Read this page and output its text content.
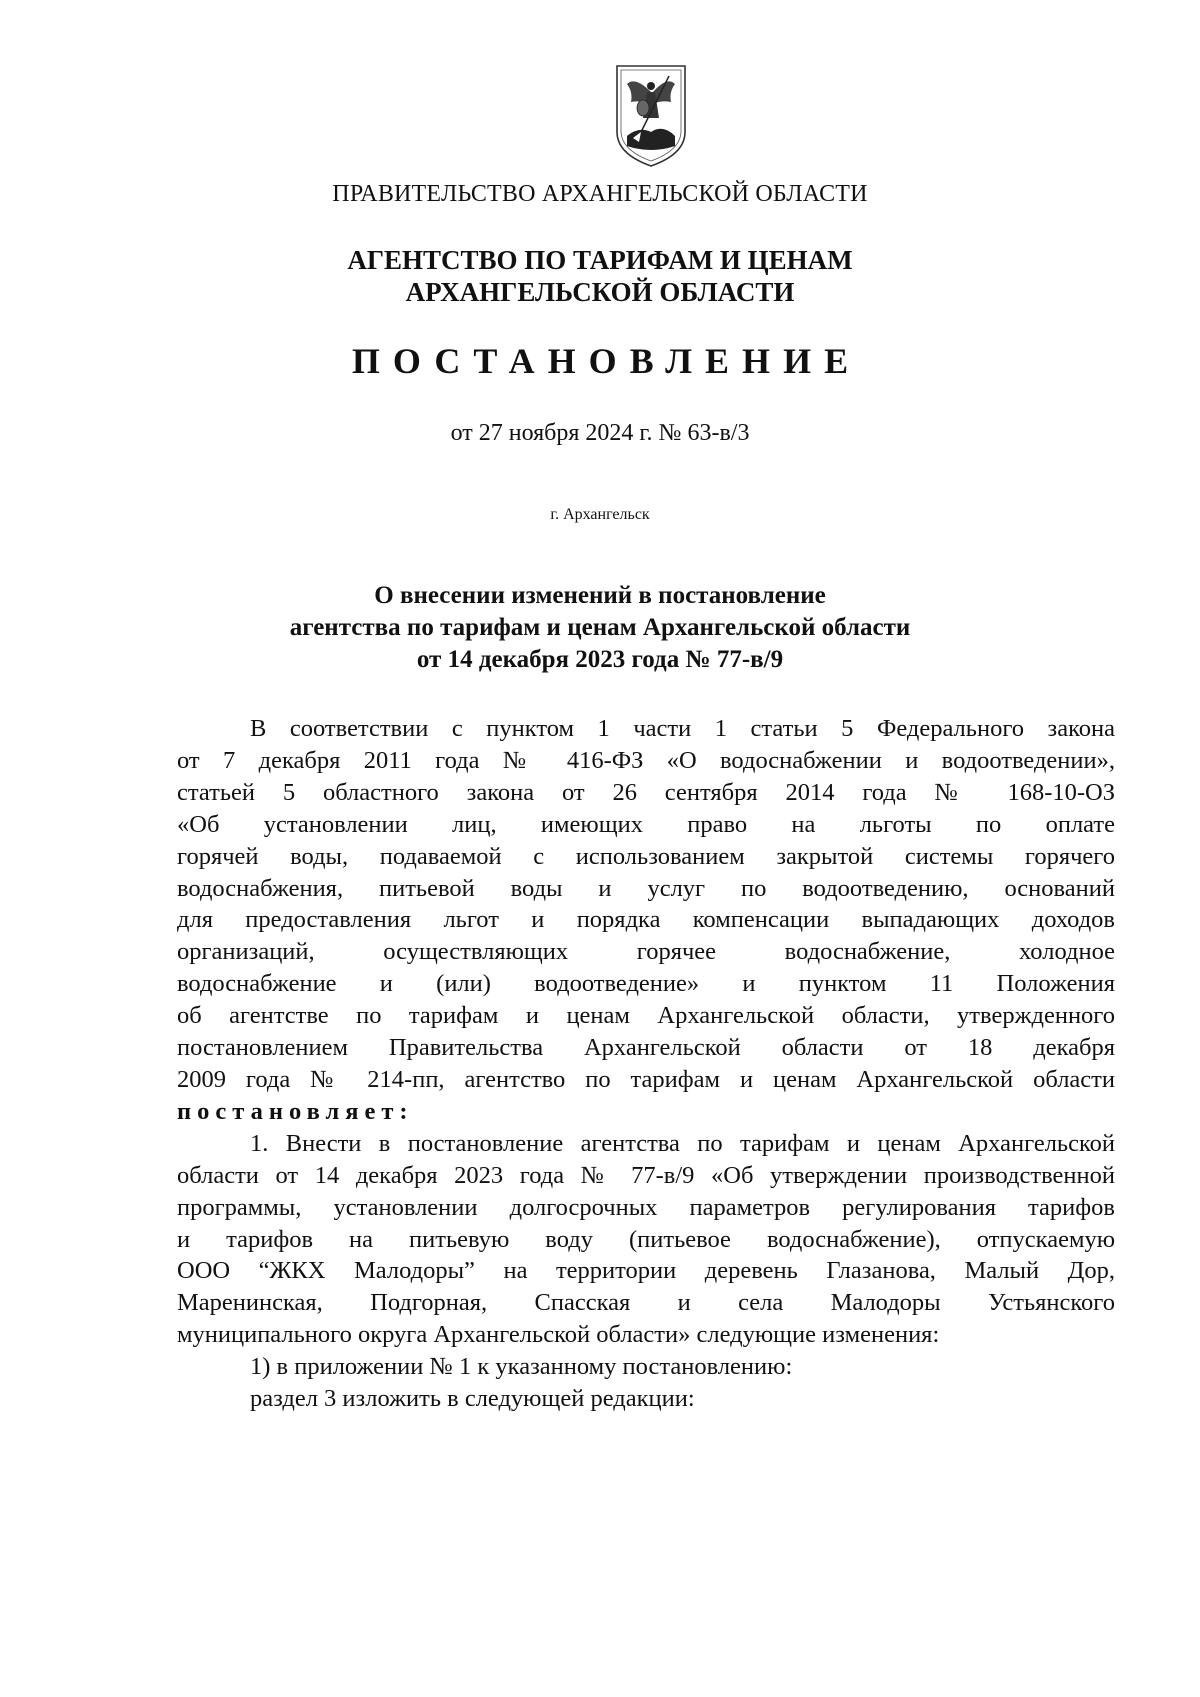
ПРАВИТЕЛЬСТВО АРХАНГЕЛЬСКОЙ ОБЛАСТИ
АГЕНТСТВО ПО ТАРИФАМ И ЦЕНАМ
АРХАНГЕЛЬСКОЙ ОБЛАСТИ
ПОСТАНОВЛЕНИЕ
от 27 ноября 2024 г. № 63-в/3
г. Архангельск
О внесении изменений в постановление
агентства по тарифам и ценам Архангельской области
от 14 декабря 2023 года № 77-в/9
В соответствии с пунктом 1 части 1 статьи 5 Федерального закона
от 7 декабря 2011 года № 416-ФЗ «О водоснабжении и водоотведении»,
статьей 5 областного закона от 26 сентября 2014 года № 168-10-ОЗ
«Об установлении лиц, имеющих право на льготы по оплате
горячей воды, подаваемой с использованием закрытой системы горячего
водоснабжения, питьевой воды и услуг по водоотведению, оснований
для предоставления льгот и порядка компенсации выпадающих доходов
организаций, осуществляющих горячее водоснабжение, холодное
водоснабжение и (или) водоотведение» и пунктом 11 Положения
об агентстве по тарифам и ценам Архангельской области, утвержденного
постановлением Правительства Архангельской области от 18 декабря
2009 года № 214-пп, агентство по тарифам и ценам Архангельской области
постановляет:
1. Внести в постановление агентства по тарифам и ценам Архангельской
области от 14 декабря 2023 года № 77-в/9 «Об утверждении производственной
программы, установлении долгосрочных параметров регулирования тарифов
и тарифов на питьевую воду (питьевое водоснабжение), отпускаемую
ООО “ЖКХ Малодоры” на территории деревень Глазанова, Малый Дор,
Маренинская, Подгорная, Спасская и села Малодоры Устьянского
муниципального округа Архангельской области» следующие изменения:
1) в приложении № 1 к указанному постановлению:
раздел 3 изложить в следующей редакции:
